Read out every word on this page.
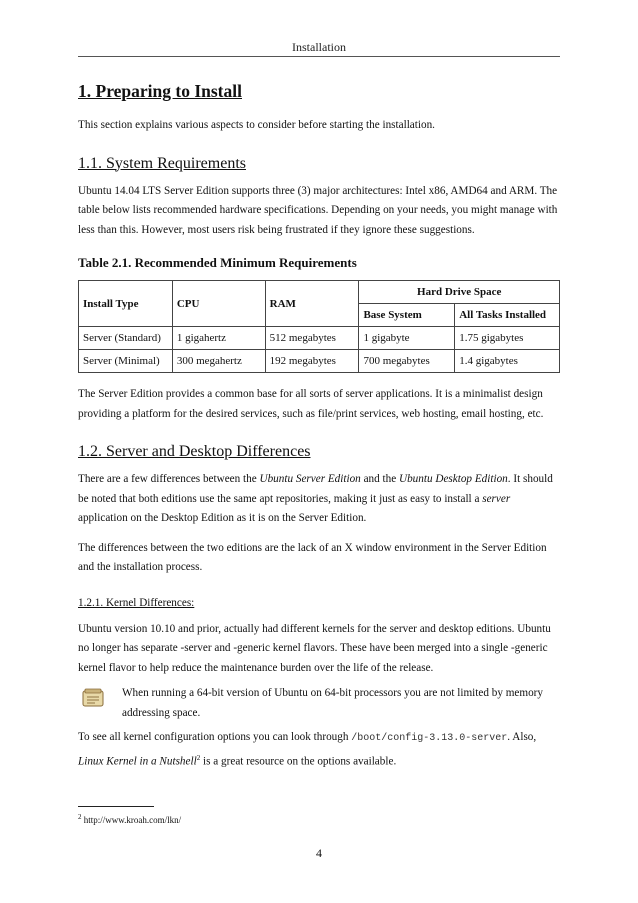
Installation
1. Preparing to Install

This section explains various aspects to consider before starting the installation.

1.1. System Requirements

Ubuntu 14.04 LTS Server Edition supports three (3) major architectures: Intel x86, AMD64 and ARM. The table below lists recommended hardware specifications. Depending on your needs, you might manage with less than this. However, most users risk being frustrated if they ignore these suggestions.

Table 2.1. Recommended Minimum Requirements
Install Type	CPU	RAM	Hard Drive Space	
			Base System	All Tasks Installed
Server (Standard)	1 gigahertz	512 megabytes	1 gigabyte	1.75 gigabytes
Server (Minimal)	300 megahertz	192 megabytes	700 megabytes	1.4 gigabytes

The Server Edition provides a common base for all sorts of server applications. It is a minimalist design providing a platform for the desired services, such as file/print services, web hosting, email hosting, etc.

1.2. Server and Desktop Differences

There are a few differences between the Ubuntu Server Edition and the Ubuntu Desktop Edition. It should be noted that both editions use the same apt repositories, making it just as easy to install a server application on the Desktop Edition as it is on the Server Edition.

The differences between the two editions are the lack of an X window environment in the Server Edition and the installation process.

1.2.1. Kernel Differences:

Ubuntu version 10.10 and prior, actually had different kernels for the server and desktop editions. Ubuntu no longer has separate -server and -generic kernel flavors. These have been merged into a single -generic kernel flavor to help reduce the maintenance burden over the life of the release.

When running a 64-bit version of Ubuntu on 64-bit processors you are not limited by memory addressing space.

To see all kernel configuration options you can look through /boot/config-3.13.0-server. Also, Linux Kernel in a Nutshell$^2$ is a great resource on the options available.

$^2$ http://www.kroah.com/lkn/
4
